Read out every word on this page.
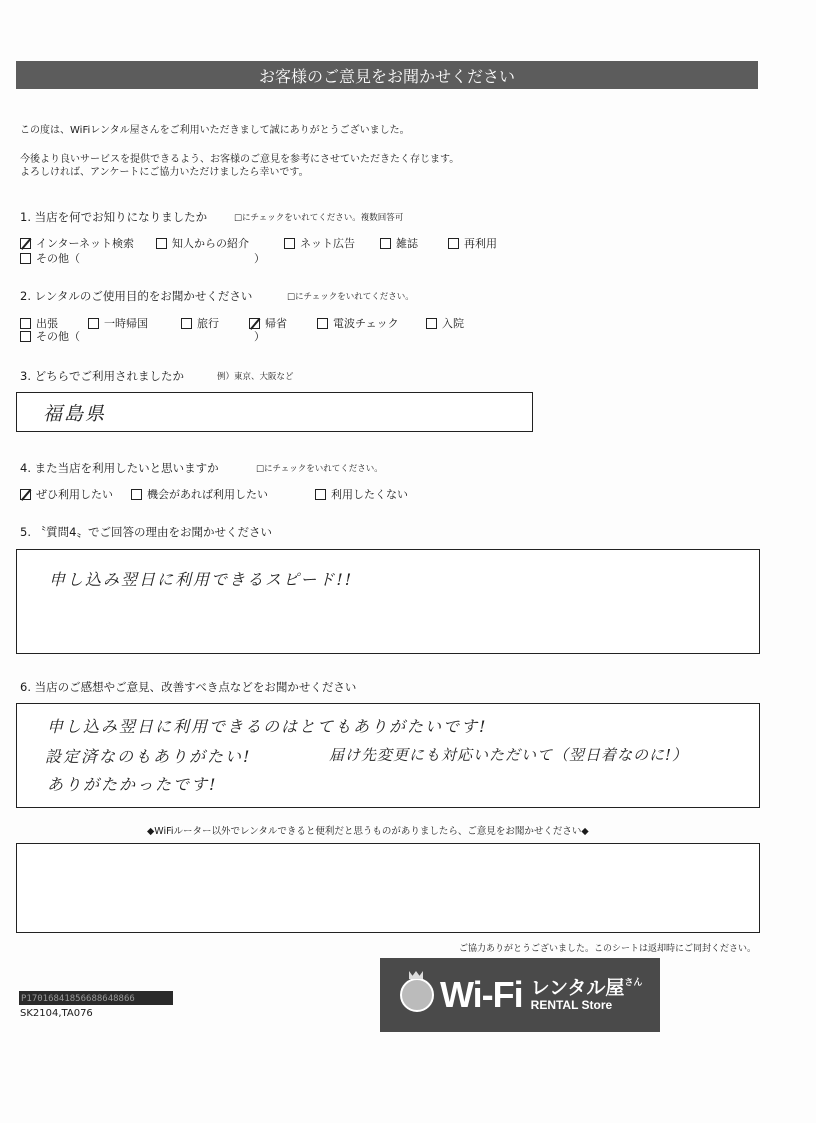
お客様のご意見をお聞かせください
この度は、WiFiレンタル屋さんをご利用いただきまして誠にありがとうございました。
今後より良いサービスを提供できるよう、お客様のご意見を参考にさせていただきたく存じます。
よろしければ、アンケートにご協力いただけましたら幸いです。
1. 当店を何でお知りになりましたか	□にチェックをいれてください。複数回答可
インターネット検索	知人からの紹介	ネット広告	雑誌	再利用
その他（	）
2. レンタルのご使用目的をお聞かせください	□にチェックをいれてください。
出張	一時帰国	旅行	帰省	電波チェック	入院
その他（	）
3. どちらでご利用されましたか	例）東京、大阪など
福島県
4. また当店を利用したいと思いますか	□にチェックをいれてください。
ぜひ利用したい	機会があれば利用したい	利用したくない
5. 〝質問4〟でご回答の理由をお聞かせください
申し込み翌日に利用できるスピード!!
6. 当店のご感想やご意見、改善すべき点などをお聞かせください
申し込み翌日に利用できるのはとてもありがたいです!
設定済なのもありがたい!	届け先変更にも対応いただいて（翌日着なのに!）
ありがたかったです!
◆WiFiルーター以外でレンタルできると便利だと思うものがありましたら、ご意見をお聞かせください◆
ご協力ありがとうございました。このシートは返却時にご同封ください。
P17016841856688648866
SK2104,TA076	Wi-Fi レンタル屋$^{さん}$
RENTAL Store
